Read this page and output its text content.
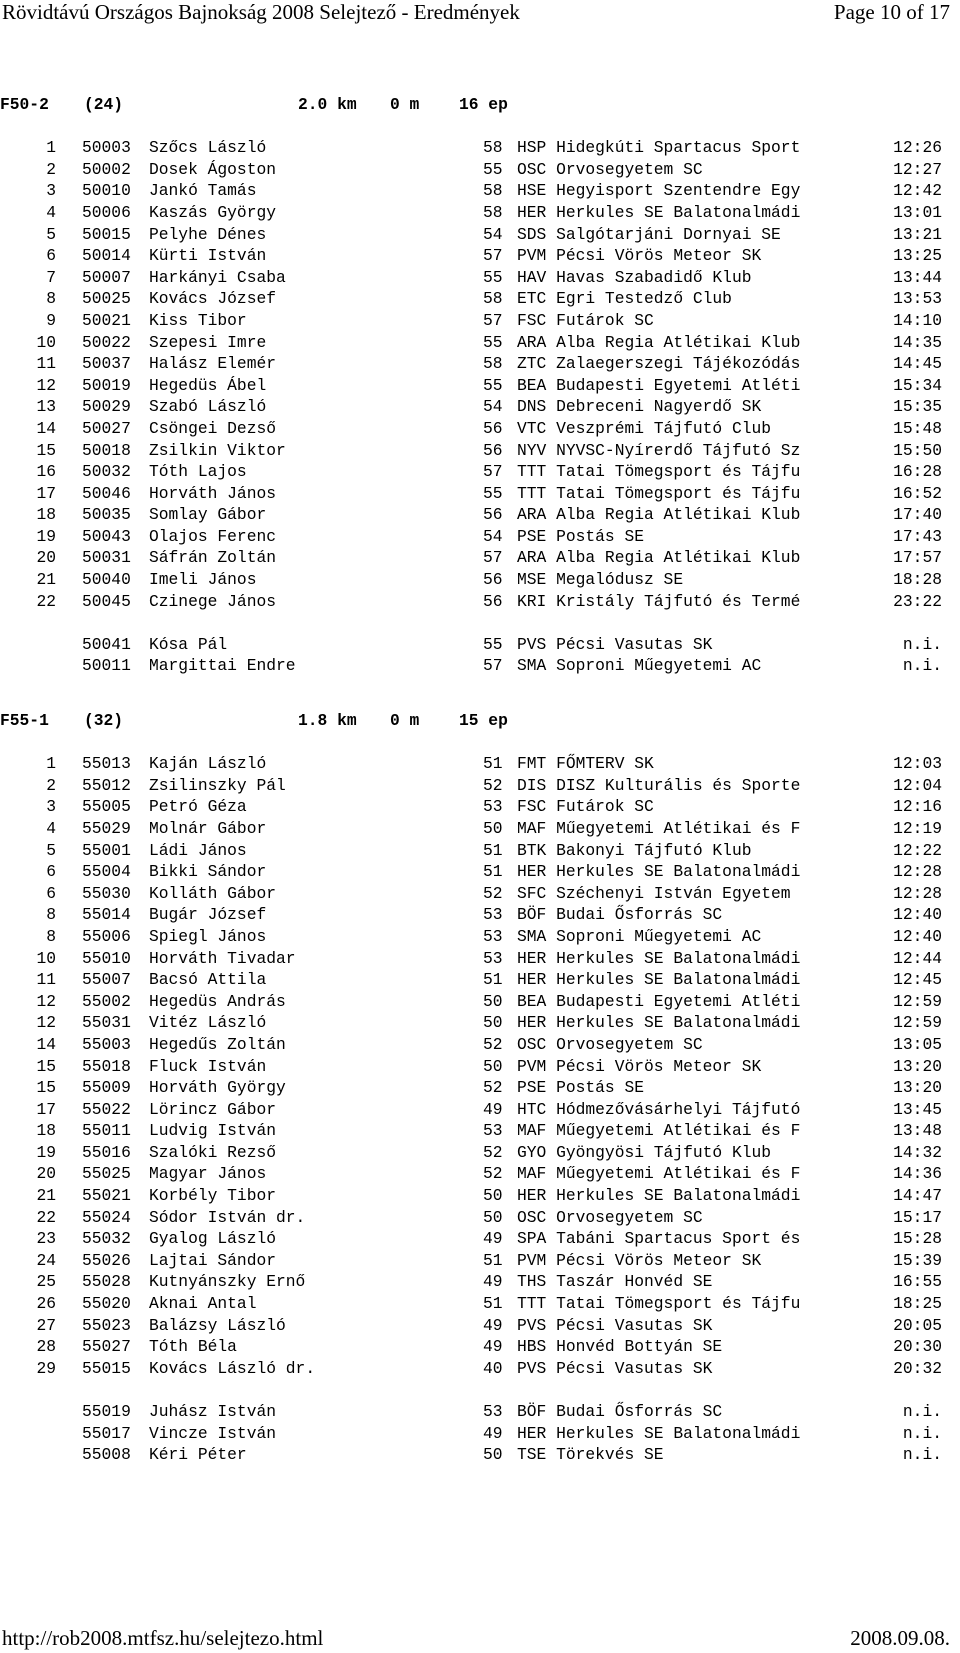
Rövidtávú Országos Bajnokság 2008 Selejtező - Eredmények	Page 10 of 17
F50-2 (24)	2.0 km 0 m 16 ep
1 50003 Szőcs László	58 HSP Hidegkúti Spartacus Sport	12:26
2 50002 Dosek Ágoston	55 OSC Orvosegyetem SC	12:27
3 50010 Jankó Tamás	58 HSE Hegyisport Szentendre Egy	12:42
4 50006 Kaszás György	58 HER Herkules SE Balatonalmádi	13:01
5 50015 Pelyhe Dénes	54 SDS Salgótarjáni Dornyai SE	13:21
6 50014 Kürti István	57 PVM Pécsi Vörös Meteor SK	13:25
7 50007 Harkányi Csaba	55 HAV Havas Szabadidő Klub	13:44
8 50025 Kovács József	58 ETC Egri Testedző Club	13:53
9 50021 Kiss Tibor	57 FSC Futárok SC	14:10
10 50022 Szepesi Imre	55 ARA Alba Regia Atlétikai Klub	14:35
11 50037 Halász Elemér	58 ZTC Zalaegerszegi Tájékozódás	14:45
12 50019 Hegedüs Ábel	55 BEA Budapesti Egyetemi Atléti	15:34
13 50029 Szabó László	54 DNS Debreceni Nagyerdő SK	15:35
14 50027 Csöngei Dezső	56 VTC Veszprémi Tájfutó Club	15:48
15 50018 Zsilkin Viktor	56 NYV NYVSC-Nyírerdő Tájfutó Sz	15:50
16 50032 Tóth Lajos	57 TTT Tatai Tömegsport és Tájfu	16:28
17 50046 Horváth János	55 TTT Tatai Tömegsport és Tájfu	16:52
18 50035 Somlay Gábor	56 ARA Alba Regia Atlétikai Klub	17:40
19 50043 Olajos Ferenc	54 PSE Postás SE	17:43
20 50031 Sáfrán Zoltán	57 ARA Alba Regia Atlétikai Klub	17:57
21 50040 Imeli János	56 MSE Megalódusz SE	18:28
22 50045 Czinege János	56 KRI Kristály Tájfutó és Termé	23:22
50041 Kósa Pál	55 PVS Pécsi Vasutas SK	n.i.
50011 Margittai Endre	57 SMA Soproni Műegyetemi AC	n.i.
F55-1 (32)	1.8 km 0 m 15 ep
1 55013 Kaján László	51 FMT FŐMTERV SK	12:03
2 55012 Zsilinszky Pál	52 DIS DISZ Kulturális és Sporte	12:04
3 55005 Petró Géza	53 FSC Futárok SC	12:16
4 55029 Molnár Gábor	50 MAF Műegyetemi Atlétikai és F	12:19
5 55001 Ládi János	51 BTK Bakonyi Tájfutó Klub	12:22
6 55004 Bikki Sándor	51 HER Herkules SE Balatonalmádi	12:28
6 55030 Kolláth Gábor	52 SFC Széchenyi István Egyetem	12:28
8 55014 Bugár József	53 BÖF Budai Ősforrás SC	12:40
8 55006 Spiegl János	53 SMA Soproni Műegyetemi AC	12:40
10 55010 Horváth Tivadar	53 HER Herkules SE Balatonalmádi	12:44
11 55007 Bacsó Attila	51 HER Herkules SE Balatonalmádi	12:45
12 55002 Hegedüs András	50 BEA Budapesti Egyetemi Atléti	12:59
12 55031 Vitéz László	50 HER Herkules SE Balatonalmádi	12:59
14 55003 Hegedűs Zoltán	52 OSC Orvosegyetem SC	13:05
15 55018 Fluck István	50 PVM Pécsi Vörös Meteor SK	13:20
15 55009 Horváth György	52 PSE Postás SE	13:20
17 55022 Lörincz Gábor	49 HTC Hódmezővásárhelyi Tájfutó	13:45
18 55011 Ludvig István	53 MAF Műegyetemi Atlétikai és F	13:48
19 55016 Szalóki Rezső	52 GYO Gyöngyösi Tájfutó Klub	14:32
20 55025 Magyar János	52 MAF Műegyetemi Atlétikai és F	14:36
21 55021 Korbély Tibor	50 HER Herkules SE Balatonalmádi	14:47
22 55024 Sódor István dr.	50 OSC Orvosegyetem SC	15:17
23 55032 Gyalog László	49 SPA Tabáni Spartacus Sport és	15:28
24 55026 Lajtai Sándor	51 PVM Pécsi Vörös Meteor SK	15:39
25 55028 Kutnyánszky Ernő	49 THS Taszár Honvéd SE	16:55
26 55020 Aknai Antal	51 TTT Tatai Tömegsport és Tájfu	18:25
27 55023 Balázsy László	49 PVS Pécsi Vasutas SK	20:05
28 55027 Tóth Béla	49 HBS Honvéd Bottyán SE	20:30
29 55015 Kovács László dr.	40 PVS Pécsi Vasutas SK	20:32
55019 Juhász István	53 BÖF Budai Ősforrás SC	n.i.
55017 Vincze István	49 HER Herkules SE Balatonalmádi	n.i.
55008 Kéri Péter	50 TSE Törekvés SE	n.i.
http://rob2008.mtfsz.hu/selejtezo.html	2008.09.08.
